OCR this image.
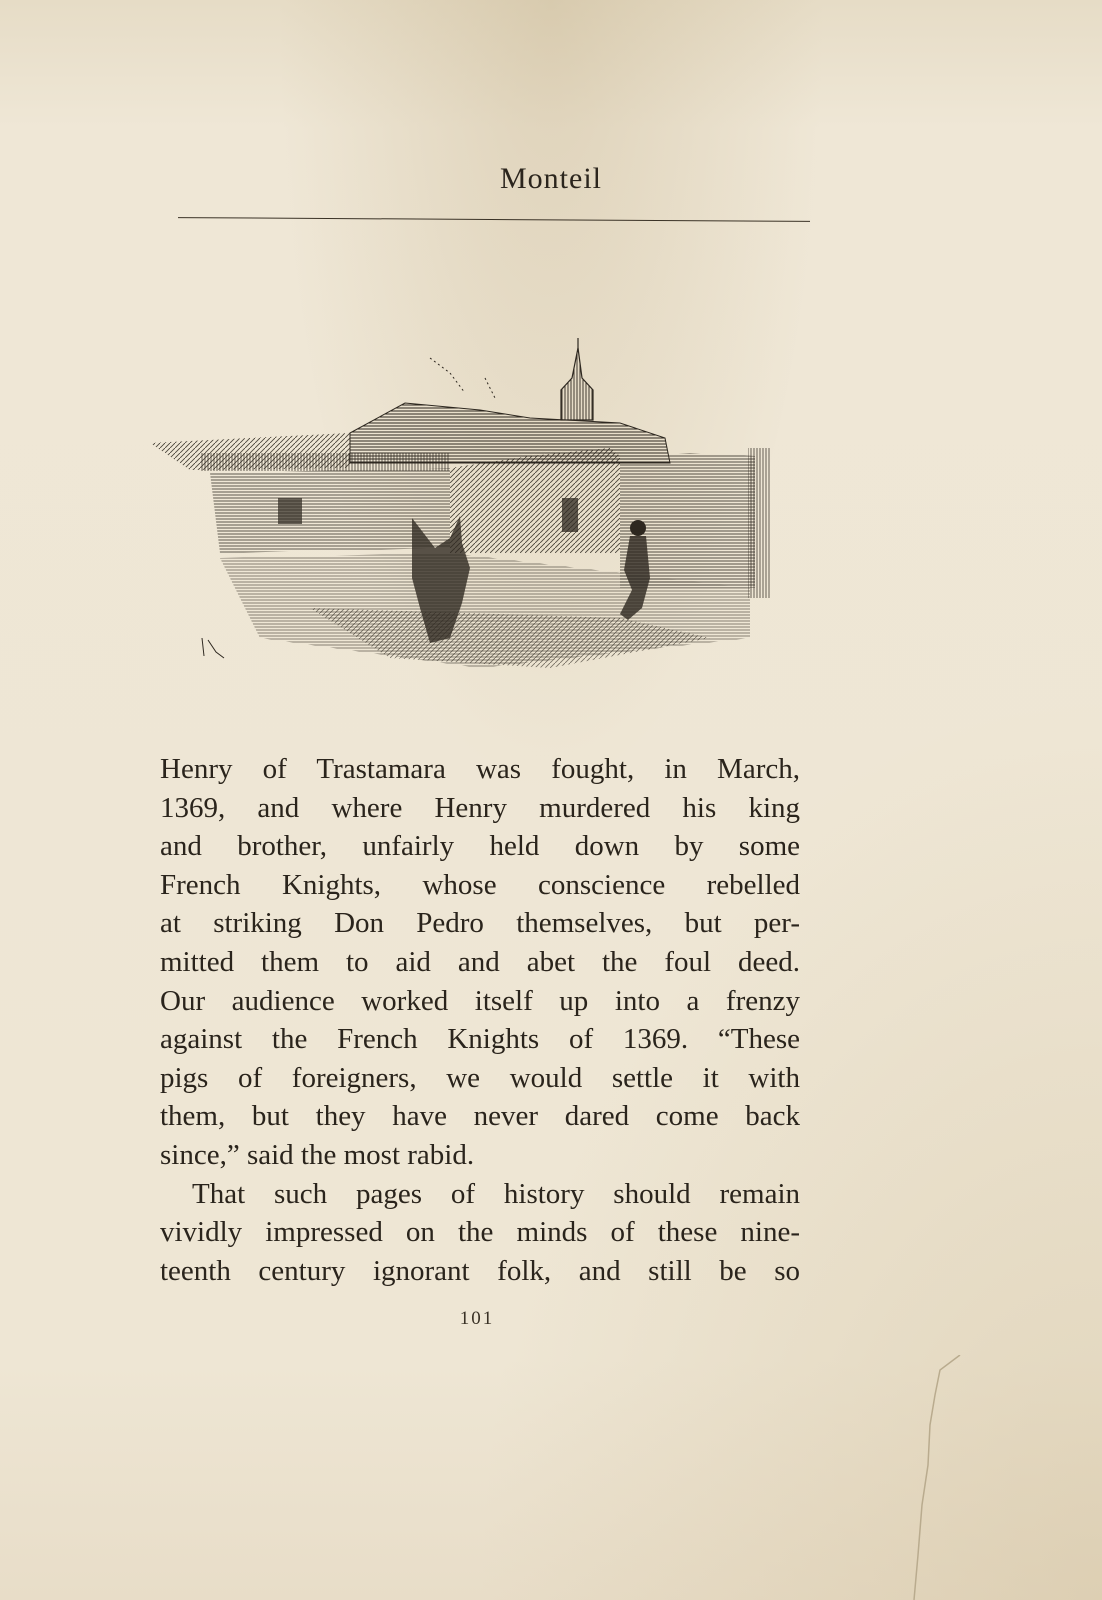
Monteil
Henry of Trastamara was fought, in March,
1369, and where Henry murdered his king
and brother, unfairly held down by some
French Knights, whose conscience rebelled
at striking Don Pedro themselves, but per-
mitted them to aid and abet the foul deed.
Our audience worked itself up into a frenzy
against the French Knights of 1369. “These
pigs of foreigners, we would settle it with
them, but they have never dared come back
since,” said the most rabid.
That such pages of history should remain
vividly impressed on the minds of these nine-
teenth century ignorant folk, and still be so
101
